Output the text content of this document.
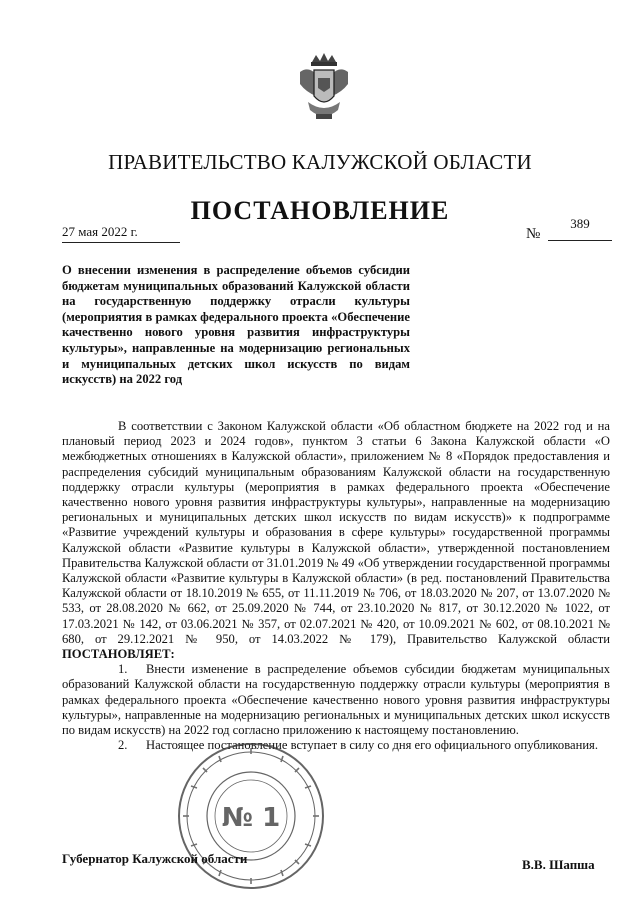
ПРАВИТЕЛЬСТВО КАЛУЖСКОЙ ОБЛАСТИ
ПОСТАНОВЛЕНИЕ
27 мая 2022 г.	№
389
О внесении изменения в распределение объемов субсидии бюджетам муниципальных образований Калужской области на государственную поддержку отрасли культуры (мероприятия в рамках федерального проекта «Обеспечение качественно нового уровня развития инфраструктуры культуры», направленные на модернизацию региональных и муниципальных детских школ искусств по видам искусств) на 2022 год

В соответствии с Законом Калужской области «Об областном бюджете на 2022 год и на плановый период 2023 и 2024 годов», пунктом 3 статьи 6 Закона Калужской области «О межбюджетных отношениях в Калужской области», приложением № 8 «Порядок предоставления и распределения субсидий муниципальным образованиям Калужской области на государственную поддержку отрасли культуры (мероприятия в рамках федерального проекта «Обеспечение качественно нового уровня развития инфраструктуры культуры», направленные на модернизацию региональных и муниципальных детских школ искусств по видам искусств)» к подпрограмме «Развитие учреждений культуры и образования в сфере культуры» государственной программы Калужской области «Развитие культуры в Калужской области», утвержденной постановлением Правительства Калужской области от 31.01.2019 № 49 «Об утверждении государственной программы Калужской области «Развитие культуры в Калужской области» (в ред. постановлений Правительства Калужской области от 18.10.2019 № 655, от 11.11.2019 № 706, от 18.03.2020 № 207, от 13.07.2020 № 533, от 28.08.2020 № 662, от 25.09.2020 № 744, от 23.10.2020 № 817, от 30.12.2020 № 1022, от 17.03.2021 № 142, от 03.06.2021 № 357, от 02.07.2021 № 420, от 10.09.2021 № 602, от 08.10.2021 № 680, от 29.12.2021 № 950, от 14.03.2022 № 179), Правительство Калужской области ПОСТАНОВЛЯЕТ:

1. Внести изменение в распределение объемов субсидии бюджетам муниципальных образований Калужской области на государственную поддержку отрасли культуры (мероприятия в рамках федерального проекта «Обеспечение качественно нового уровня развития инфраструктуры культуры», направленные на модернизацию региональных и муниципальных детских школ искусств по видам искусств) на 2022 год согласно приложению к настоящему постановлению.

2. Настоящее постановление вступает в силу со дня его официального опубликования.

№ 1
Губернатор Калужской области	В.В. Шапша
